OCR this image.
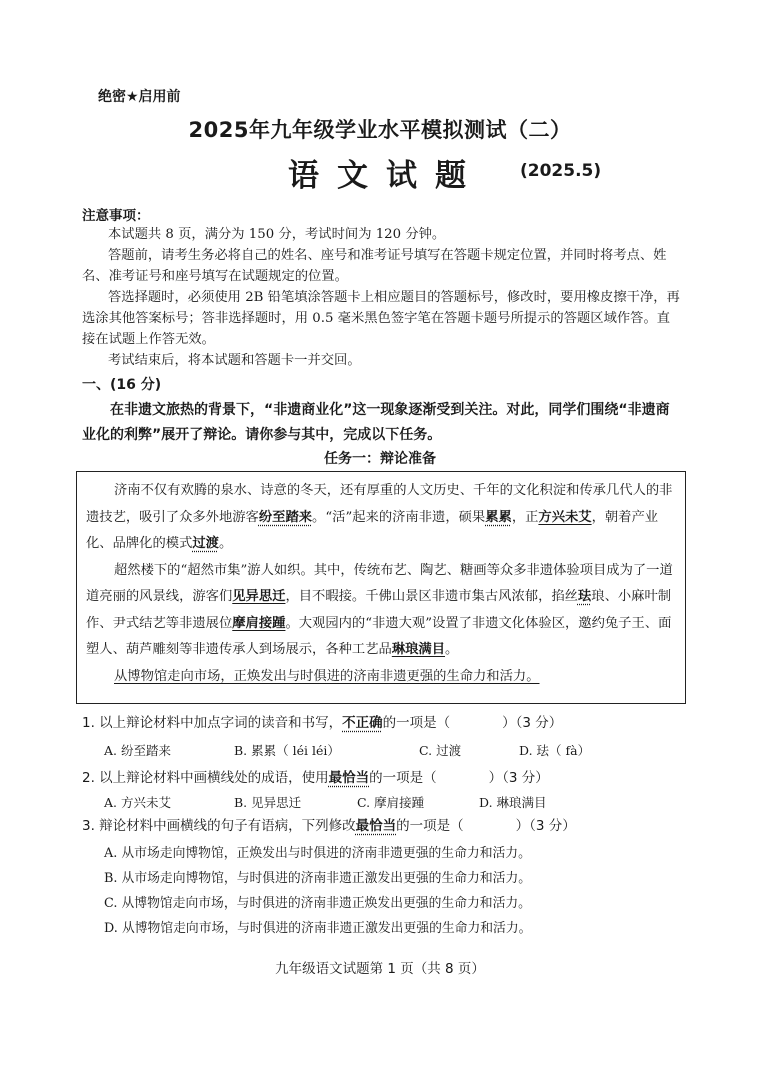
绝密★启用前
2025年九年级学业水平模拟测试（二）
语文试题 (2025.5)
注意事项：

本试题共 8 页，满分为 150 分，考试时间为 120 分钟。

答题前，请考生务必将自己的姓名、座号和准考证号填写在答题卡规定位置，并同时将考点、姓名、准考证号和座号填写在试题规定的位置。

答选择题时，必须使用 2B 铅笔填涂答题卡上相应题目的答题标号，修改时，要用橡皮擦干净，再选涂其他答案标号；答非选择题时，用 0.5 毫米黑色签字笔在答题卡题号所提示的答题区域作答。直接在试题上作答无效。

考试结束后，将本试题和答题卡一并交回。

一、(16 分)

在非遗文旅热的背景下，“非遗商业化”这一现象逐渐受到关注。对此，同学们围绕“非遗商业化的利弊”展开了辩论。请你参与其中，完成以下任务。

任务一：辩论准备

济南不仅有欢腾的泉水、诗意的冬天，还有厚重的人文历史、千年的文化积淀和传承几代人的非遗技艺，吸引了众多外地游客纷至踏来。“活”起来的济南非遗，硕果累累，正方兴未艾，朝着产业化、品牌化的模式过渡。

超然楼下的“超然市集”游人如织。其中，传统布艺、陶艺、糖画等众多非遗体验项目成为了一道道亮丽的风景线，游客们见异思迁，目不暇接。千佛山景区非遗市集古风浓郁，掐丝珐琅、小麻叶制作、尹式结艺等非遗展位摩肩接踵。大观园内的“非遗大观”设置了非遗文化体验区，邀约兔子王、面塑人、葫芦雕刻等非遗传承人到场展示，各种工艺品琳琅满目。

从博物馆走向市场，正焕发出与时俱进的济南非遗更强的生命力和活力。

1. 以上辩论材料中加点字词的读音和书写，不正确的一项是（	）（3 分）
A. 纷至踏来	B. 累累（ léi léi）	C. 过渡	D. 珐（ fà）
2. 以上辩论材料中画横线处的成语，使用最恰当的一项是（	）（3 分）
A. 方兴未艾	B. 见异思迁	C. 摩肩接踵	D. 琳琅满目
3. 辩论材料中画横线的句子有语病，下列修改最恰当的一项是（	）（3 分）
A. 从市场走向博物馆，正焕发出与时俱进的济南非遗更强的生命力和活力。
B. 从市场走向博物馆，与时俱进的济南非遗正激发出更强的生命力和活力。
C. 从博物馆走向市场，与时俱进的济南非遗正焕发出更强的生命力和活力。
D. 从博物馆走向市场，与时俱进的济南非遗正激发出更强的生命力和活力。
九年级语文试题第 1 页（共 8 页）
